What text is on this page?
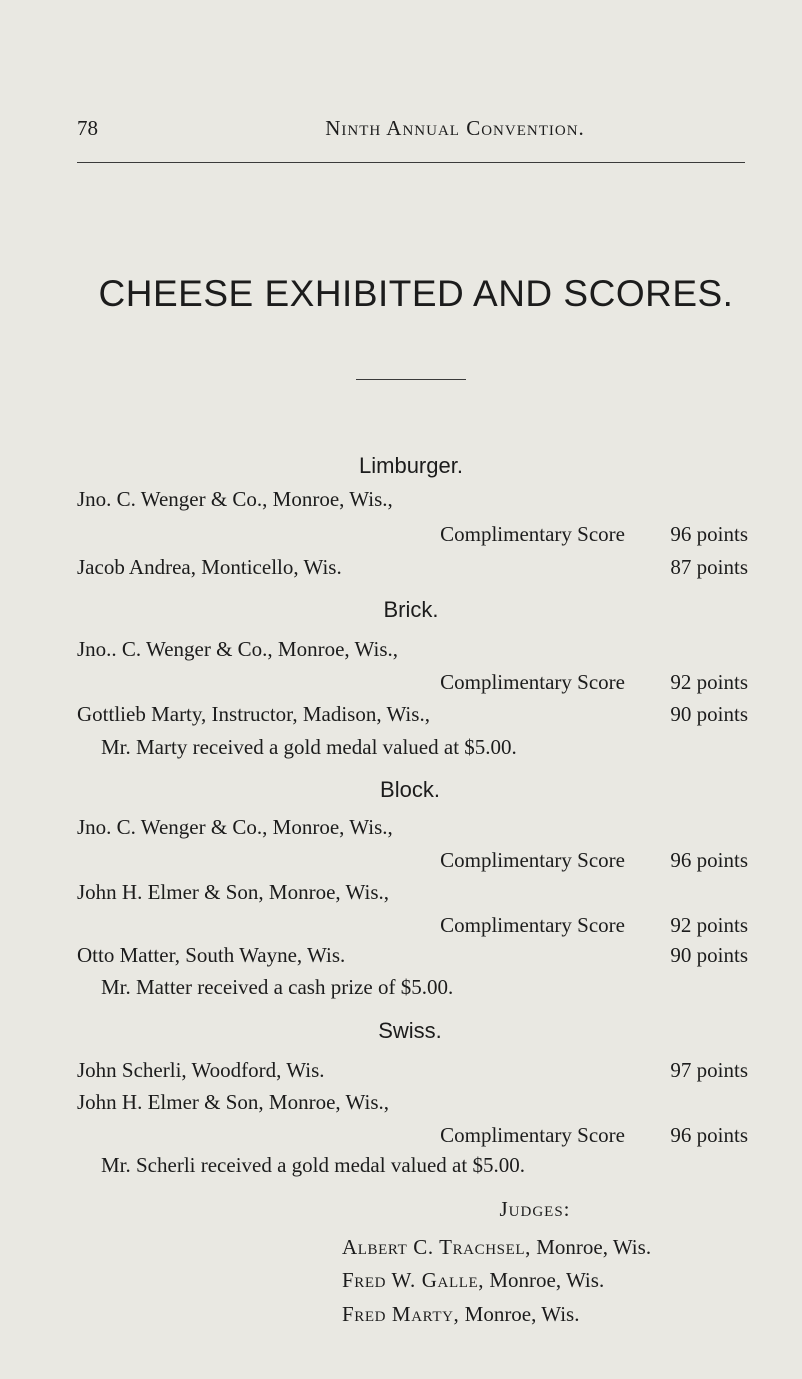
78	Ninth Annual Convention.
CHEESE EXHIBITED AND SCORES.
Limburger.
Jno. C. Wenger & Co., Monroe, Wis.,
Complimentary Score	96 points
Jacob Andrea, Monticello, Wis.	87 points
Brick.
Jno.. C. Wenger & Co., Monroe, Wis.,
Complimentary Score	92 points
Gottlieb Marty, Instructor, Madison, Wis.,	90 points
Mr. Marty received a gold medal valued at $5.00.
Block.
Jno. C. Wenger & Co., Monroe, Wis.,
Complimentary Score	96 points
John H. Elmer & Son, Monroe, Wis.,
Complimentary Score	92 points
Otto Matter, South Wayne, Wis.	90 points
Mr. Matter received a cash prize of $5.00.
Swiss.
John Scherli, Woodford, Wis.	97 points
John H. Elmer & Son, Monroe, Wis.,
Complimentary Score	96 points
Mr. Scherli received a gold medal valued at $5.00.
Judges:
Albert C. Trachsel, Monroe, Wis.
Fred W. Galle, Monroe, Wis.
Fred Marty, Monroe, Wis.
